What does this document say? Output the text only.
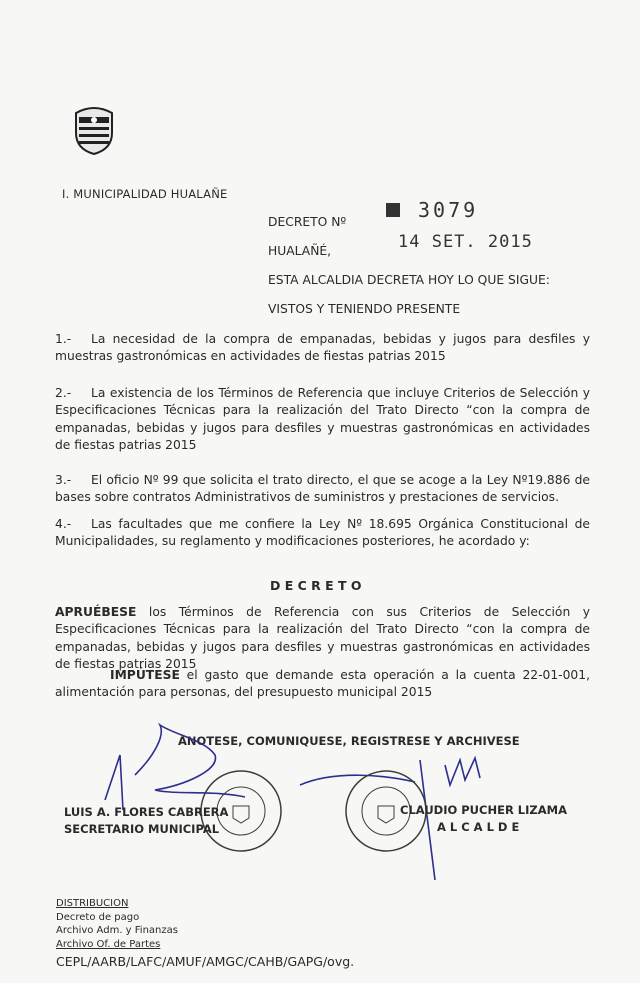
I. MUNICIPALIDAD HUALAÑE
DECRETO Nº	3079
HUALAÑÉ,	14 SET. 2015
ESTA ALCALDIA DECRETA HOY LO QUE SIGUE:
VISTOS Y TENIENDO PRESENTE
1.- La necesidad de la compra de empanadas, bebidas y jugos para desfiles y muestras gastronómicas en actividades de fiestas patrias 2015
2.- La existencia de los Términos de Referencia que incluye Criterios de Selección y Especificaciones Técnicas para la realización del Trato Directo “con la compra de empanadas, bebidas y jugos para desfiles y muestras gastronómicas en actividades de fiestas patrias 2015
3.- El oficio Nº 99 que solicita el trato directo, el que se acoge a la Ley Nº19.886 de bases sobre contratos Administrativos de suministros y prestaciones de servicios.
4.- Las facultades que me confiere la Ley Nº 18.695 Orgánica Constitucional de Municipalidades, su reglamento y modificaciones posteriores, he acordado y:
D E C R E T O
APRUÉBESE los Términos de Referencia con sus Criterios de Selección y Especificaciones Técnicas para la realización del Trato Directo “con la compra de empanadas, bebidas y jugos para desfiles y muestras gastronómicas en actividades de fiestas patrias 2015
IMPÚTESE el gasto que demande esta operación a la cuenta 22-01-001, alimentación para personas, del presupuesto municipal 2015
ANOTESE, COMUNIQUESE, REGISTRESE Y ARCHIVESE
LUIS A. FLORES CABRERA
SECRETARIO MUNICIPAL
CLAUDIO PUCHER LIZAMA
A L C A L D E
DISTRIBUCION
Decreto de pago
Archivo Adm. y Finanzas
Archivo Of. de Partes
CEPL/AARB/LAFC/AMUF/AMGC/CAHB/GAPG/ovg.
